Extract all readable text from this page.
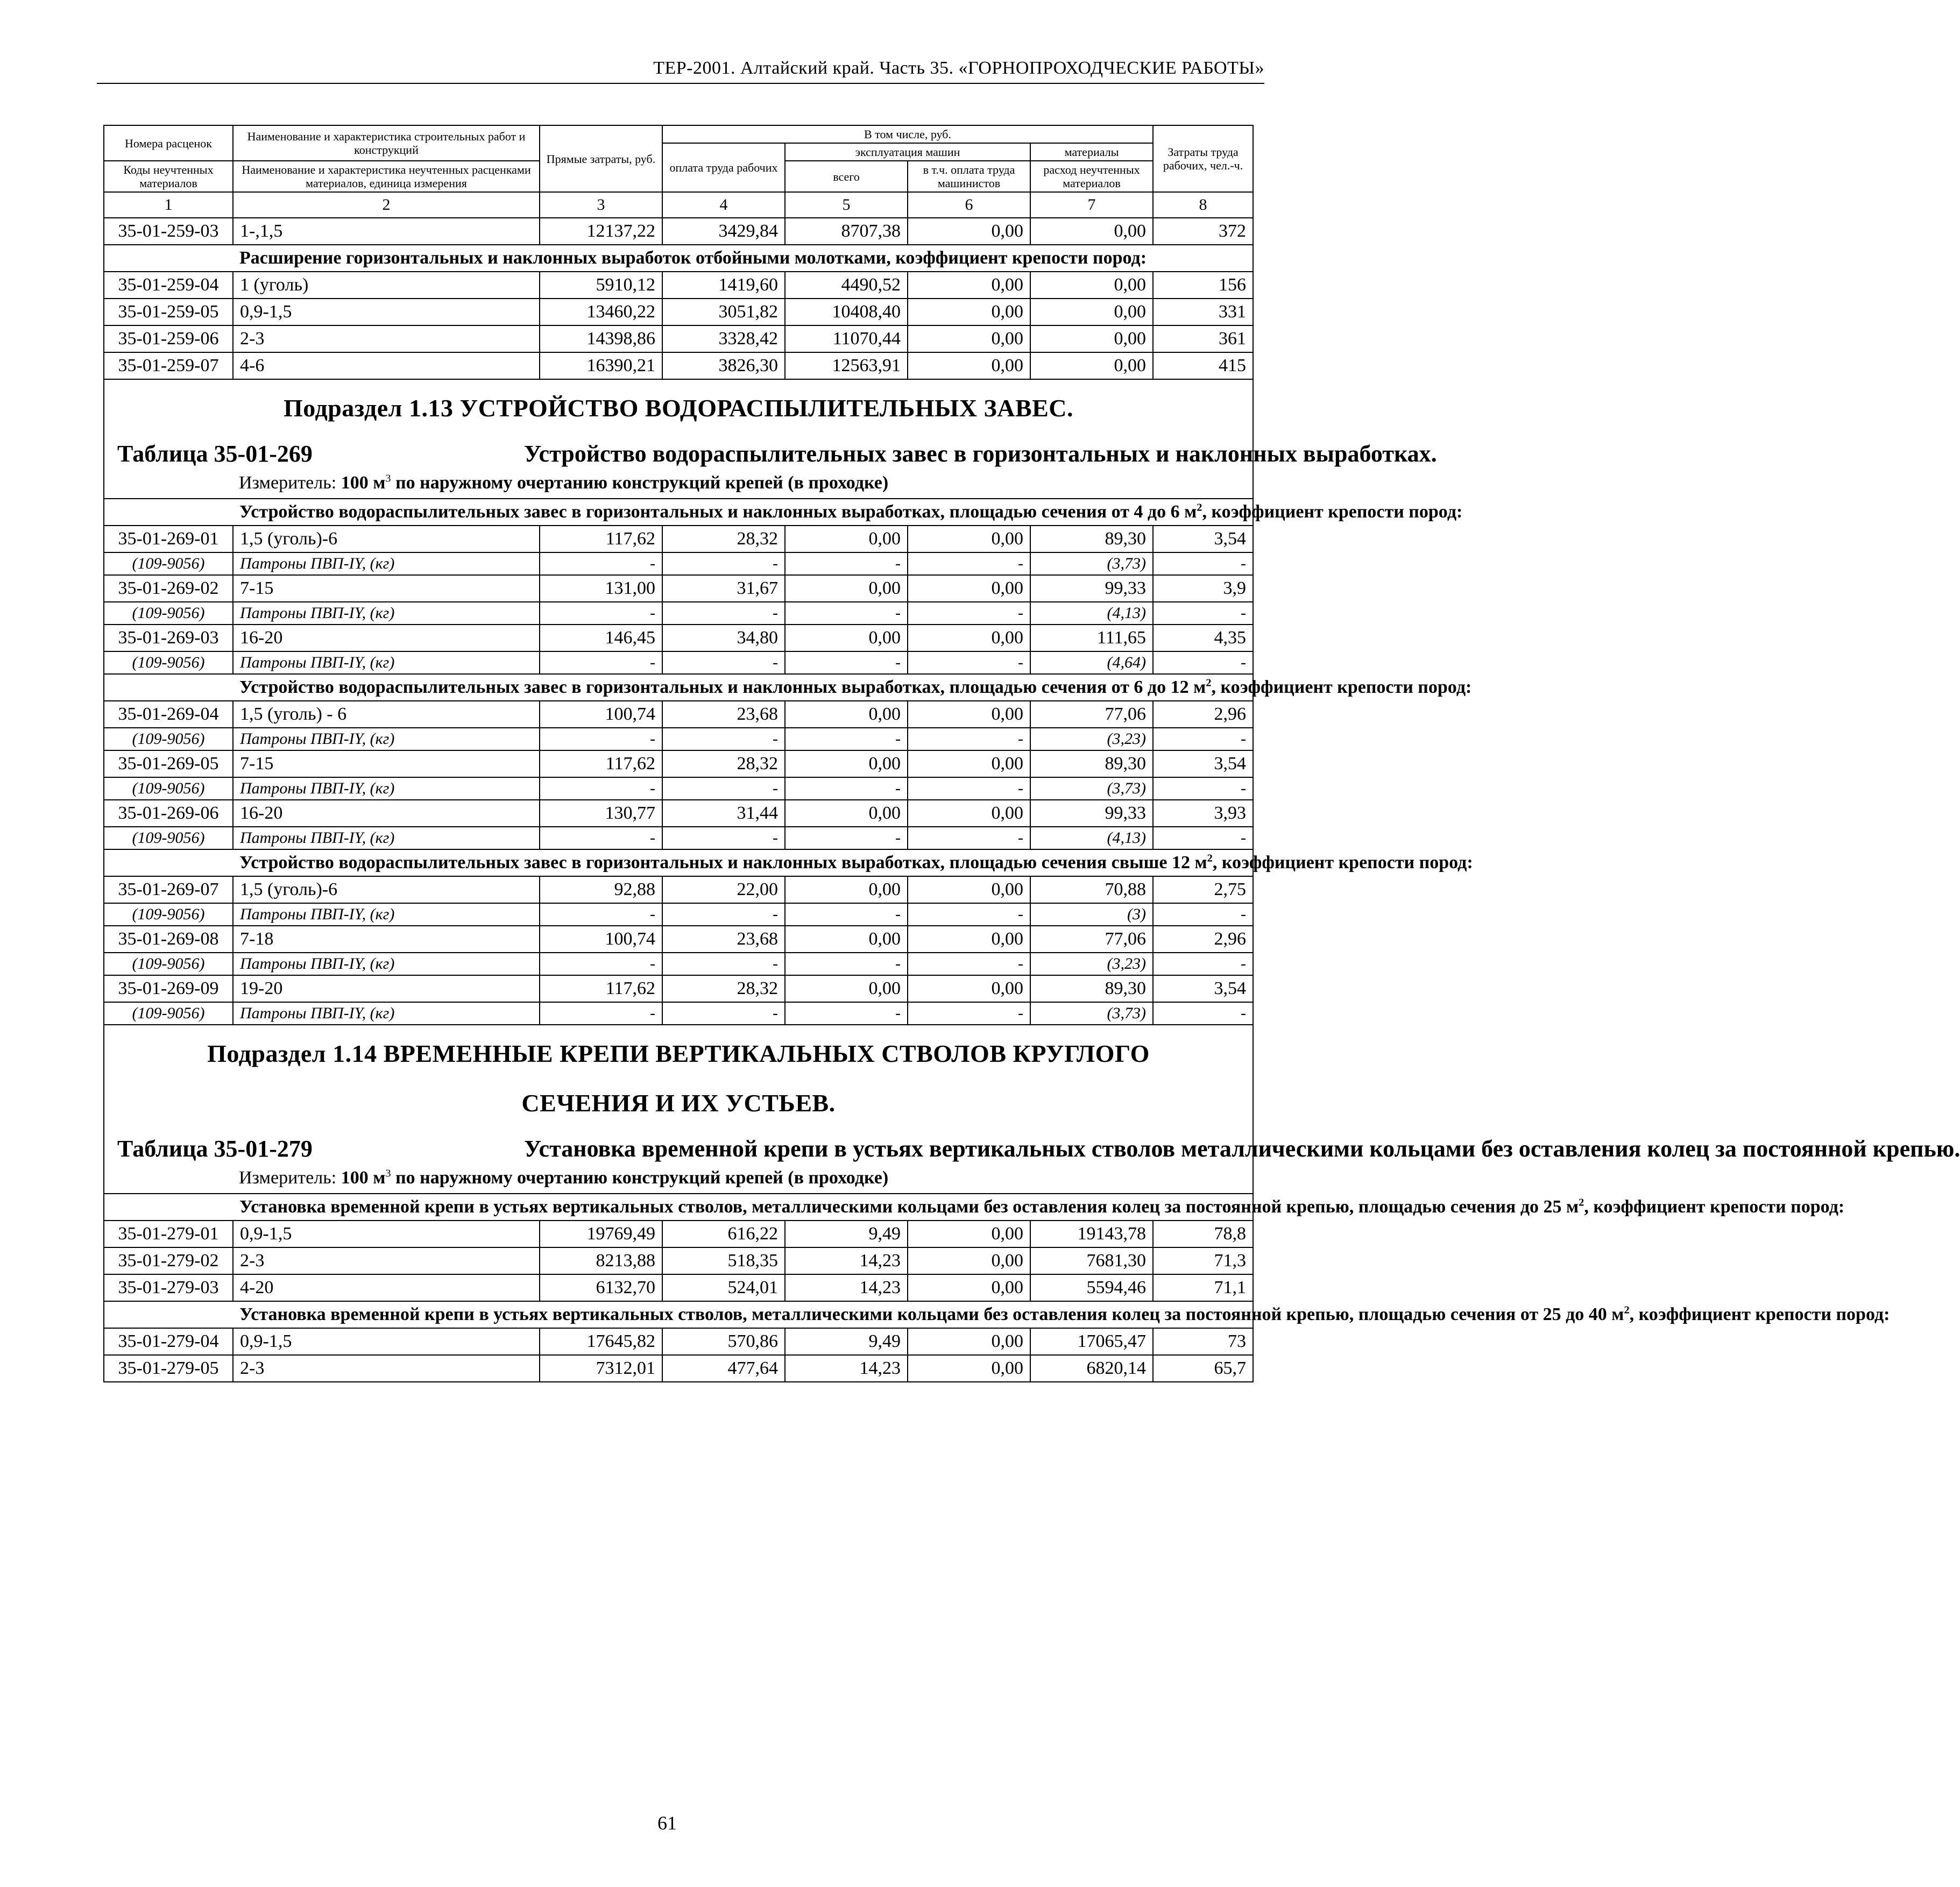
ТЕР-2001. Алтайский край. Часть 35. «ГОРНОПРОХОДЧЕСКИЕ РАБОТЫ»
Номера расценок	Наименование и характеристика строительных работ и конструкций	Прямые затраты, руб.	В том числе, руб.				Затраты труда рабочих, чел.-ч.
			оплата труда рабочих	эксплуатация машин		материалы	
Коды неучтенных материалов	Наименование и характеристика неучтенных расценками материалов, единица измерения			всего	в т.ч. оплата труда машинистов	расход неучтенных материалов	
1	2	3	4	5	6	7	8
35-01-259-03	1-,1,5	12137,22	3429,84	8707,38	0,00	0,00	372
	Расширение горизонтальных и наклонных выработок отбойными молотками, коэффициент крепости пород:						
35-01-259-04	1 (уголь)	5910,12	1419,60	4490,52	0,00	0,00	156
35-01-259-05	0,9-1,5	13460,22	3051,82	10408,40	0,00	0,00	331
35-01-259-06	2-3	14398,86	3328,42	11070,44	0,00	0,00	361
35-01-259-07	4-6	16390,21	3826,30	12563,91	0,00	0,00	415

Подраздел 1.13 УСТРОЙСТВО ВОДОРАСПЫЛИТЕЛЬНЫХ ЗАВЕС.
Таблица 35-01-269 Устройство водораспылительных завес в горизонтальных и наклонных выработках.
Измеритель: 100 $м^3$ по наружному очертанию конструкций крепей (в проходке)							

	Устройство водораспылительных завес в горизонтальных и наклонных выработках, площадью сечения от 4 до 6 $м^2$, коэффициент крепости пород:						
35-01-269-01	1,5 (уголь)-6	117,62	28,32	0,00	0,00	89,30	3,54
(109-9056)	Патроны ПВП-IY, (кг)	-	-	-	-	(3,73)	-
35-01-269-02	7-15	131,00	31,67	0,00	0,00	99,33	3,9
(109-9056)	Патроны ПВП-IY, (кг)	-	-	-	-	(4,13)	-
35-01-269-03	16-20	146,45	34,80	0,00	0,00	111,65	4,35
(109-9056)	Патроны ПВП-IY, (кг)	-	-	-	-	(4,64)	-
	Устройство водораспылительных завес в горизонтальных и наклонных выработках, площадью сечения от 6 до 12 $м^2$, коэффициент крепости пород:						
35-01-269-04	1,5 (уголь) - 6	100,74	23,68	0,00	0,00	77,06	2,96
(109-9056)	Патроны ПВП-IY, (кг)	-	-	-	-	(3,23)	-
35-01-269-05	7-15	117,62	28,32	0,00	0,00	89,30	3,54
(109-9056)	Патроны ПВП-IY, (кг)	-	-	-	-	(3,73)	-
35-01-269-06	16-20	130,77	31,44	0,00	0,00	99,33	3,93
(109-9056)	Патроны ПВП-IY, (кг)	-	-	-	-	(4,13)	-
	Устройство водораспылительных завес в горизонтальных и наклонных выработках, площадью сечения свыше 12 $м^2$, коэффициент крепости пород:						
35-01-269-07	1,5 (уголь)-6	92,88	22,00	0,00	0,00	70,88	2,75
(109-9056)	Патроны ПВП-IY, (кг)	-	-	-	-	(3)	-
35-01-269-08	7-18	100,74	23,68	0,00	0,00	77,06	2,96
(109-9056)	Патроны ПВП-IY, (кг)	-	-	-	-	(3,23)	-
35-01-269-09	19-20	117,62	28,32	0,00	0,00	89,30	3,54
(109-9056)	Патроны ПВП-IY, (кг)	-	-	-	-	(3,73)	-

Подраздел 1.14 ВРЕМЕННЫЕ КРЕПИ ВЕРТИКАЛЬНЫХ СТВОЛОВ КРУГЛОГО
СЕЧЕНИЯ И ИХ УСТЬЕВ.
Таблица 35-01-279 Установка временной крепи в устьях вертикальных стволов металлическими кольцами без оставления колец за постоянной крепью.
Измеритель: 100 $м^3$ по наружному очертанию конструкций крепей (в проходке)							

	Установка временной крепи в устьях вертикальных стволов, металлическими кольцами без оставления колец за постоянной крепью, площадью сечения до 25 $м^2$, коэффициент крепости пород:						
35-01-279-01	0,9-1,5	19769,49	616,22	9,49	0,00	19143,78	78,8
35-01-279-02	2-3	8213,88	518,35	14,23	0,00	7681,30	71,3
35-01-279-03	4-20	6132,70	524,01	14,23	0,00	5594,46	71,1
	Установка временной крепи в устьях вертикальных стволов, металлическими кольцами без оставления колец за постоянной крепью, площадью сечения от 25 до 40 $м^2$, коэффициент крепости пород:						
35-01-279-04	0,9-1,5	17645,82	570,86	9,49	0,00	17065,47	73
35-01-279-05	2-3	7312,01	477,64	14,23	0,00	6820,14	65,7
61
